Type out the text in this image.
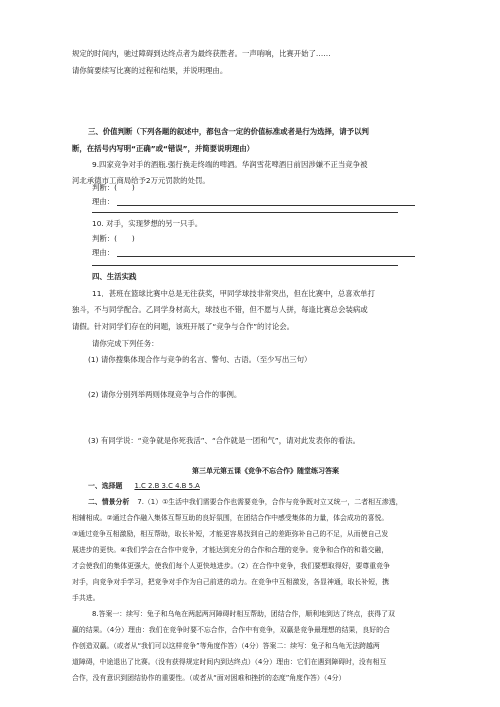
规定的时间内，驰过障碍到达终点者为最终获胜者。一声哨响，比赛开始了……
请你简要续写比赛的过程和结果，并说明理由。
三、价值判断（下列各题的叙述中，都包含一定的价值标准或者是行为选择，请予以判
断，在括号内写明“正确”或“错误”，并简要说明理由）
9.四家竞争对手的酒瓶.强行换走终端的啤酒。华润雪花啤酒日前因涉嫌不正当竞争被
河北承德市工商局给予2万元罚款的处罚。
判断：(　　)
理由：
10. 对手，实现梦想的另一只手。
判断：(　　)
理由：
四、生活实践
11．甚班在篮球比赛中总是无往获奖，甲同学球技非常突出，但在比赛中，总喜欢单打
独斗，不与同学配合。乙同学身材高大，球技也不错，但不愿与人拼，每逢比赛总会装病或
请假。针对同学们存在的问题，该班开展了“竞争与合作”的讨论会。
请你完成下列任务：
(1) 请你搜集体现合作与竞争的名言、警句、古语。（至少写出三句）
(2) 请你分别列举两则体现竞争与合作的事例。
(3) 有同学说：“竞争就是你死我活”、“合作就是一团和气”，请对此发表你的看法。
第三单元第五课《竞争不忘合作》随堂练习答案
一、选择题 1.C 2.B 3.C 4.B 5.A
二、情景分析 7.（1）①生活中我们需要合作也需要竞争，合作与竞争既对立又统一，二者相互渗透，
相辅相成。②通过合作融入集体互帮互助的良好氛围，在团结合作中感受集体的力量，体会成功的喜悦。
③通过竞争互相激励，相互帮助，取长补短，才能更容易找到自己的差距弥补自己的不足，从而使自己发
展进步的更快。④我们学会在合作中竞争，才能达到充分的合作和合理的竞争。竞争和合作的和谐交融，
才会使我们的集体更强大，使我们每个人更快地进步。（2）在合作中竞争，我们要想取得好，要尊重竞争
对手，向竞争对手学习，把竞争对手作为自己前进的动力。在竞争中互相激发，各显神通，取长补短，携
手共进。
8.答案一：续写：兔子和乌龟在两起两河障碍时相互帮助，团结合作，顺利地到达了终点，获得了双
赢的结果。（4分）理由：我们在竞争时要不忘合作，合作中有竞争，双赢是竞争最理想的结果，良好的合
作创造双赢。（或者从“我们可以这样竞争”等角度作答）（4分）答案二：续写：兔子和乌龟无法跨越两
道障碍，中途退出了比赛。（没有获得规定时间内到达终点）（4分）理由：它们在遇到障碍时，没有相互
合作，没有意识到团结协作的重要性。（或者从“面对困难和挫折的态度”角度作答）（4分）
